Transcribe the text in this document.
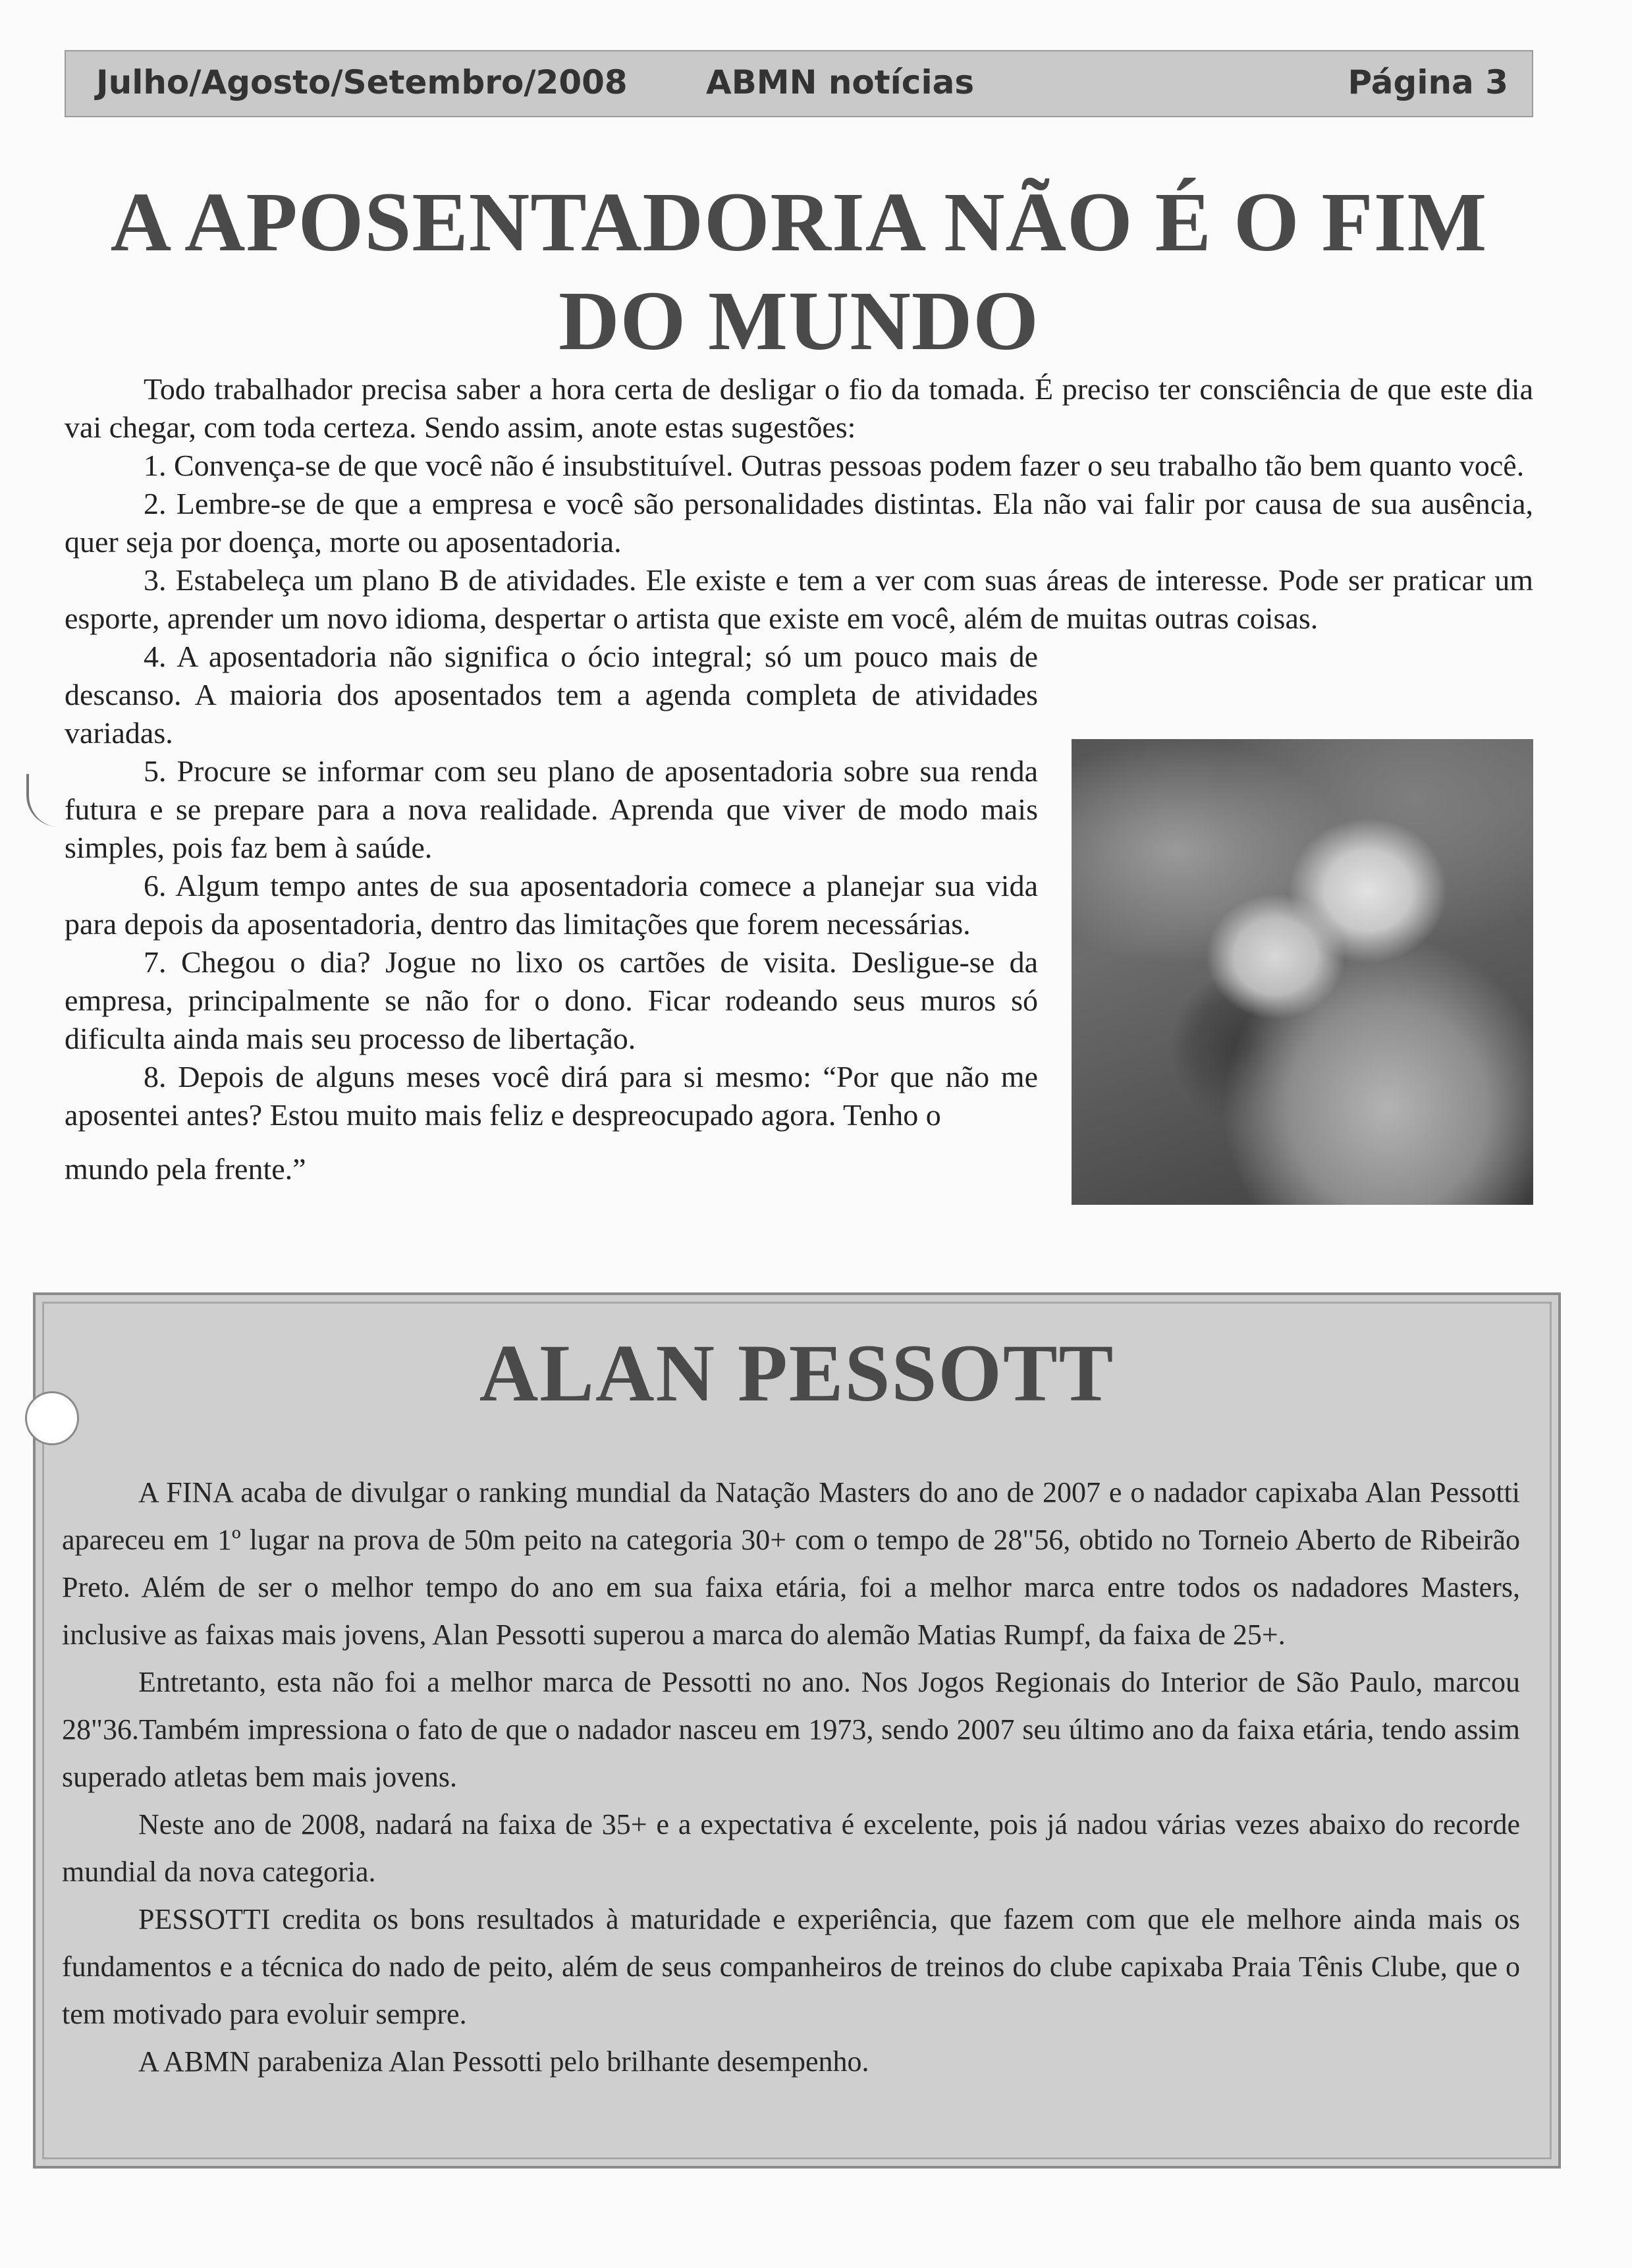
Julho/Agosto/Setembro/2008 ABMN notícias	Página 3
A APOSENTADORIA NÃO É O FIM DO MUNDO

Todo trabalhador precisa saber a hora certa de desligar o fio da tomada. É preciso ter consciência de que este dia vai chegar, com toda certeza. Sendo assim, anote estas sugestões:

1. Convença-se de que você não é insubstituível. Outras pessoas podem fazer o seu trabalho tão bem quanto você.

2. Lembre-se de que a empresa e você são personalidades distintas. Ela não vai falir por causa de sua ausência, quer seja por doença, morte ou aposentadoria.

3. Estabeleça um plano B de atividades. Ele existe e tem a ver com suas áreas de interesse. Pode ser praticar um esporte, aprender um novo idioma, despertar o artista que existe em você, além de muitas outras coisas.

4. A aposentadoria não significa o ócio integral; só um pouco mais de descanso. A maioria dos aposentados tem a agenda completa de atividades variadas.

5. Procure se informar com seu plano de aposentadoria sobre sua renda futura e se prepare para a nova realidade. Aprenda que viver de modo mais simples, pois faz bem à saúde.

6. Algum tempo antes de sua aposentadoria comece a planejar sua vida para depois da aposentadoria, dentro das limitações que forem necessárias.

7. Chegou o dia? Jogue no lixo os cartões de visita. Desligue-se da empresa, principalmente se não for o dono. Ficar rodeando seus muros só dificulta ainda mais seu processo de libertação.

8. Depois de alguns meses você dirá para si mesmo: “Por que não me aposentei antes? Estou muito mais feliz e despreocupado agora. Tenho o

mundo pela frente.”

ALAN PESSOTT

A FINA acaba de divulgar o ranking mundial da Natação Masters do ano de 2007 e o nadador capixaba Alan Pessotti apareceu em 1º lugar na prova de 50m peito na categoria 30+ com o tempo de 28"56, obtido no Torneio Aberto de Ribeirão Preto. Além de ser o melhor tempo do ano em sua faixa etária, foi a melhor marca entre todos os nadadores Masters, inclusive as faixas mais jovens, Alan Pessotti superou a marca do alemão Matias Rumpf, da faixa de 25+.

Entretanto, esta não foi a melhor marca de Pessotti no ano. Nos Jogos Regionais do Interior de São Paulo, marcou 28"36.Também impressiona o fato de que o nadador nasceu em 1973, sendo 2007 seu último ano da faixa etária, tendo assim superado atletas bem mais jovens.

Neste ano de 2008, nadará na faixa de 35+ e a expectativa é excelente, pois já nadou várias vezes abaixo do recorde mundial da nova categoria.

PESSOTTI credita os bons resultados à maturidade e experiência, que fazem com que ele melhore ainda mais os fundamentos e a técnica do nado de peito, além de seus companheiros de treinos do clube capixaba Praia Tênis Clube, que o tem motivado para evoluir sempre.

A ABMN parabeniza Alan Pessotti pelo brilhante desempenho.
